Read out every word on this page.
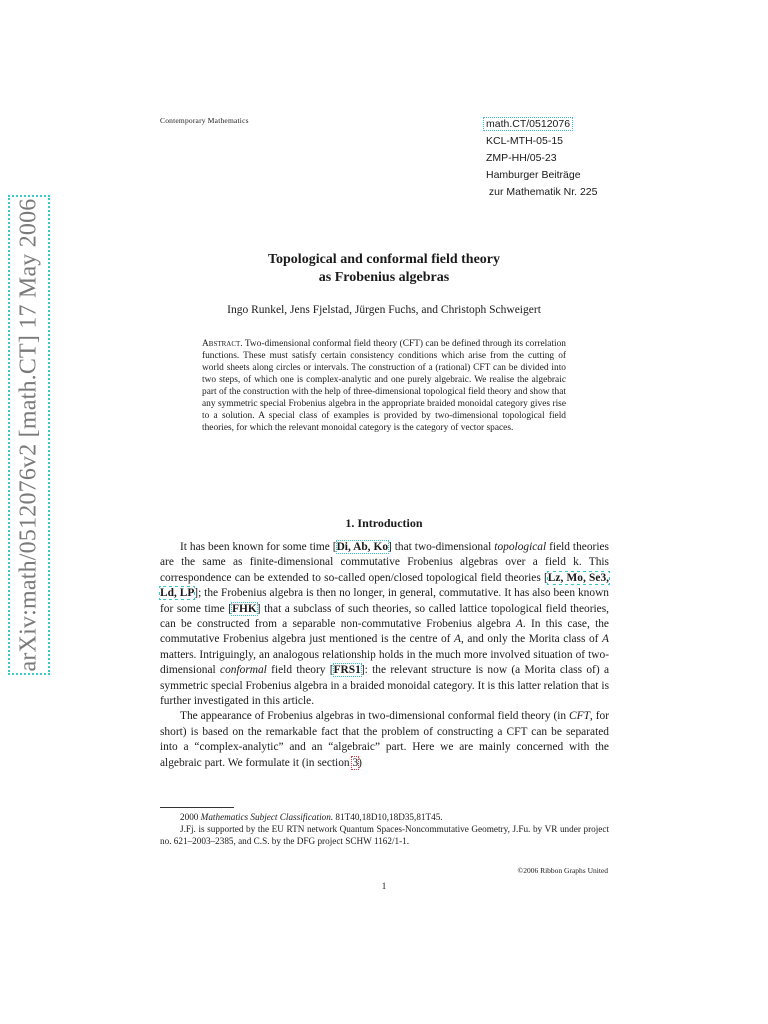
arXiv:math/0512076v2 [math.CT] 17 May 2006
Contemporary Mathematics	math.CT/0512076
KCL-MTH-05-15
ZMP-HH/05-23
Hamburger Beiträge
zur Mathematik Nr. 225
Topological and conformal field theory
as Frobenius algebras
Ingo Runkel, Jens Fjelstad, Jürgen Fuchs, and Christoph Schweigert
Abstract. Two-dimensional conformal field theory (CFT) can be defined through its correlation functions. These must satisfy certain consistency conditions which arise from the cutting of world sheets along circles or intervals. The construction of a (rational) CFT can be divided into two steps, of which one is complex-analytic and one purely algebraic. We realise the algebraic part of the construction with the help of three-dimensional topological field theory and show that any symmetric special Frobenius algebra in the appropriate braided monoidal category gives rise to a solution. A special class of examples is provided by two-dimensional topological field theories, for which the relevant monoidal category is the category of vector spaces.
1. Introduction

It has been known for some time [Di, Ab, Ko] that two-dimensional topological field theories are the same as finite-dimensional commutative Frobenius algebras over a field k. This correspondence can be extended to so-called open/closed topological field theories [Lz, Mo, Se3, Ld, LP]; the Frobenius algebra is then no longer, in general, commutative. It has also been known for some time [FHK] that a subclass of such theories, so called lattice topological field theories, can be constructed from a separable non-commutative Frobenius algebra A. In this case, the commutative Frobenius algebra just mentioned is the centre of A, and only the Morita class of A matters. Intriguingly, an analogous relationship holds in the much more involved situation of two-dimensional conformal field theory [FRS1]: the relevant structure is now (a Morita class of) a symmetric special Frobenius algebra in a braided monoidal category. It is this latter relation that is further investigated in this article.

The appearance of Frobenius algebras in two-dimensional conformal field theory (in CFT, for short) is based on the remarkable fact that the problem of constructing a CFT can be separated into a “complex-analytic” and an “algebraic” part. Here we are mainly concerned with the algebraic part. We formulate it (in section 3)

2000 Mathematics Subject Classification. 81T40,18D10,18D35,81T45.
J.Fj. is supported by the EU RTN network Quantum Spaces-Noncommutative Geometry, J.Fu. by VR under project no. 621–2003–2385, and C.S. by the DFG project SCHW 1162/1-1.
©2006 Ribbon Graphs United
1
